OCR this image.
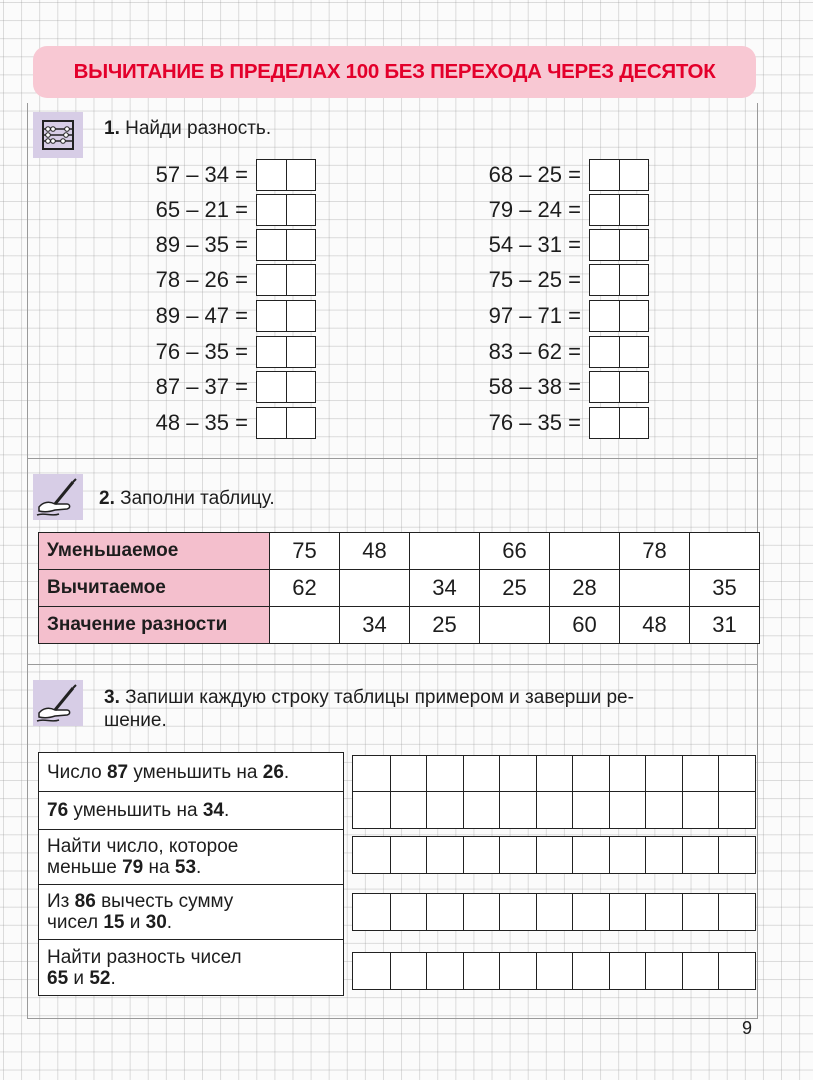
ВЫЧИТАНИЕ В ПРЕДЕЛАХ 100 БЕЗ ПЕРЕХОДА ЧЕРЕЗ ДЕСЯТОК
1. Найди разность.
57 – 34 =
65 – 21 =
89 – 35 =
78 – 26 =
89 – 47 =
76 – 35 =
87 – 37 =
48 – 35 =
68 – 25 =
79 – 24 =
54 – 31 =
75 – 25 =
97 – 71 =
83 – 62 =
58 – 38 =
76 – 35 =
2. Заполни таблицу.
Уменьшаемое	75	48		66		78	
Вычитаемое	62		34	25	28		35
Значение разности		34	25		60	48	31
3. Запиши каждую строку таблицы примером и заверши ре-
шение.
Число 87 уменьшить на 26.
76 уменьшить на 34.
Найти число, которое
меньше 79 на 53.
Из 86 вычесть сумму
чисел 15 и 30.
Найти разность чисел
65 и 52.
9
